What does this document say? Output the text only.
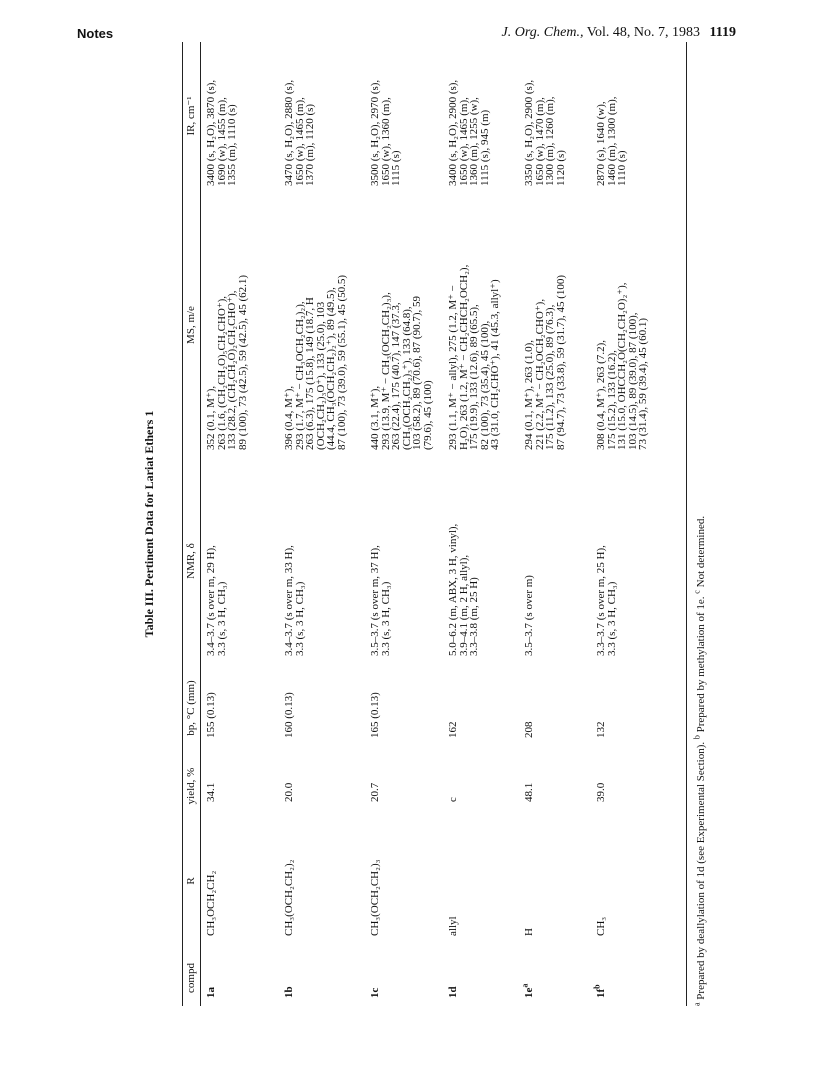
Notes	J. Org. Chem., Vol. 48, No. 7, 1983 1119
Table III. Pertinent Data for Lariat Ethers 1
compd
R
yield, %
bp, °C (mm)
NMR, δ
MS, m/e
IR, cm⁻¹
1a
CH₃OCH₂CH₂
34.1
155 (0.13)
3.4–3.7 (s over m, 29 H),
3.3 (s, 3 H, CH₃)
352 (0.1, M⁺),
263 (1.6, (CH₂CH₂O)₅CH₂CHO⁺),
133 (28.2, (CH₂CH₂O)₂CH₂CHO⁺),
89 (100), 73 (42.5), 59 (42.5), 45 (62.1)
3400 (s, H₂O), 3870 (s),
1690 (w), 1455 (m),
1355 (m), 1110 (s)
1b
CH₃(OCH₂CH₂)₂
20.0
160 (0.13)
3.4–3.7 (s over m, 33 H),
3.3 (s, 3 H, CH₃)
396 (0.4, M⁺),
293 (1.7, M⁺ − CH₃OCH₂CH₂)₂),
263 (6.3), 175 (15.8), 149 (18.7, H
(OCH₂CH₂)₃O⁺), 133 (25.0), 103
(44.4, CH₃(OCH₂CH₂)₂⁺), 89 (49.5),
87 (100), 73 (39.0), 59 (55.1), 45 (50.5)
3470 (s, H₂O), 2880 (s),
1650 (w), 1465 (m),
1370 (m), 1120 (s)
1c
CH₃(OCH₂CH₂)₃
20.7
165 (0.13)
3.5–3.7 (s over m, 37 H),
3.3 (s, 3 H, CH₃)
440 (3.1, M⁺),
293 (13.9, M⁺ − CH₃(OCH₂CH₂)₃),
263 (22.4), 175 (40.7), 147 (37.3,
(CH₃(OCH₂CH₂)₃⁺), 133 (64.8),
103 (58.2), 89 (70.6), 87 (90.7), 59
(79.6), 45 (100)
3500 (s, H₂O), 2970 (s),
1650 (w), 1360 (m),
1115 (s)
1d
allyl
c
162
5.0–6.2 (m, ABX, 3 H, vinyl),
3.9–4.1 (m, 2 H, allyl),
3.3–3.8 (m, 25 H)
293 (1.1, M⁺ − allyl), 275 (1.2, M⁺ −
H₂O), 263 (1.2, M⁺ − CH₂CHCH₂OCH₂),
175 (19.9), 133 (12.6), 89 (65.5),
82 (100), 73 (35.4), 45 (100),
43 (31.0, CH₂CHO⁺), 41 (45.3, allyl⁺)
3400 (s, H₂O), 2900 (s),
1650 (w), 1465 (m),
1360 (m), 1255 (w),
1115 (s), 945 (m)
$1e^a$
H
48.1
208
3.5–3.7 (s over m)
294 (0.1, M⁺), 263 (1.0),
221 (2.2, M⁺ − CH₂OCH₂CHO⁺),
175 (11.2), 133 (25.0), 89 (76.3),
87 (94.7), 73 (33.8), 59 (31.7), 45 (100)
3350 (s, H₂O), 2900 (s),
1650 (w), 1470 (m),
1300 (m), 1260 (m),
1120 (s)
$1f^b$
CH₃
39.0
132
3.3–3.7 (s over m, 25 H),
3.3 (s, 3 H, CH₃)
308 (0.4, M⁺), 263 (7.2),
175 (15.2), 133 (16.2),
131 (15.0, OHCCH₂O(CH₂CH₂O)₂⁺),
103 (14.5), 89 (39.0), 87 (100),
73 (31.4), 59 (39.4), 45 (60.1)
2870 (s), 1640 (w),
1460 (m), 1300 (m),
1110 (s)
$^a$ Prepared by deallylation of 1d (see Experimental Section). $^b$ Prepared by methylation of 1e. $^c$ Not determined.
